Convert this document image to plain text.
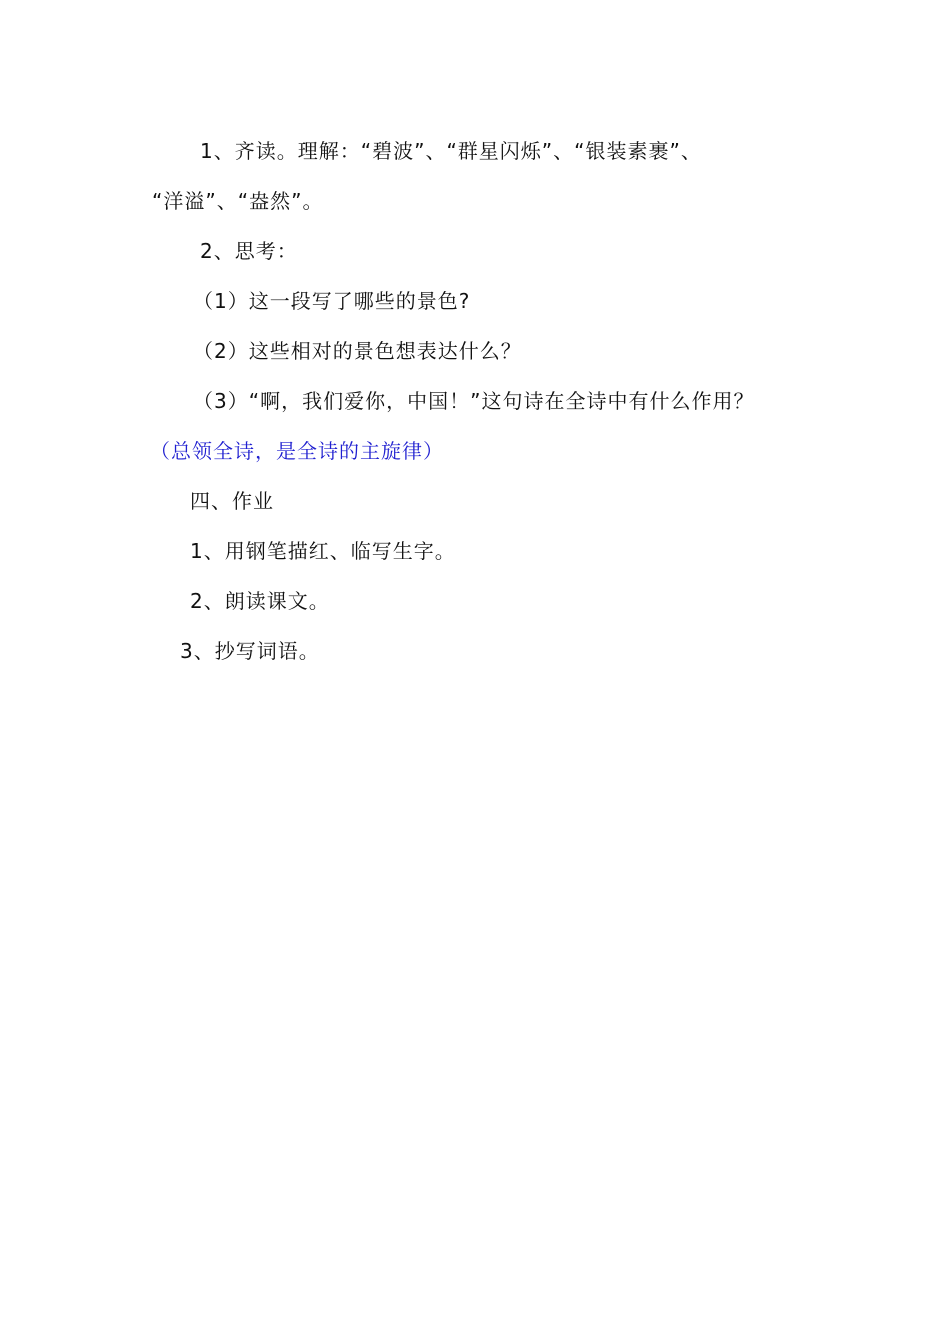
1、齐读。理解：“碧波”、“群星闪烁”、“银装素裹”、
“洋溢”、“盎然”。
2、思考：
（1）这一段写了哪些的景色?
（2）这些相对的景色想表达什么？
（3）“啊，我们爱你，中国！”这句诗在全诗中有什么作用？
（总领全诗，是全诗的主旋律）
四、作业
1、用钢笔描红、临写生字。
2、朗读课文。
3、抄写词语。
